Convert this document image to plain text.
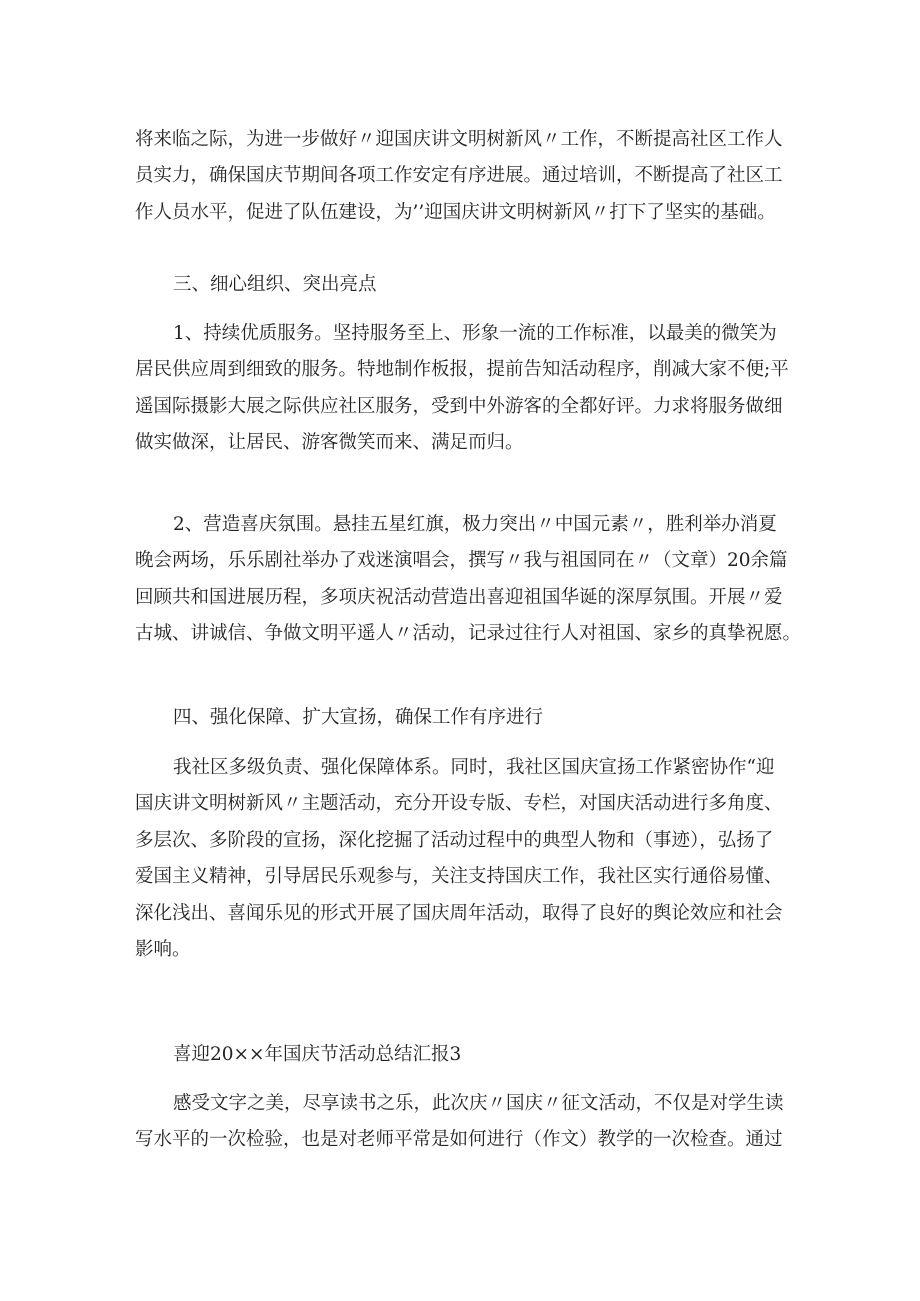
将来临之际，为进一步做好〃迎国庆讲文明树新风〃工作，不断提高社区工作人
员实力，确保国庆节期间各项工作安定有序进展。通过培训，不断提高了社区工
作人员水平，促进了队伍建设，为’’迎国庆讲文明树新风〃打下了坚实的基础。
三、细心组织、突出亮点
1、持续优质服务。坚持服务至上、形象一流的工作标准，以最美的微笑为
居民供应周到细致的服务。特地制作板报，提前告知活动程序，削减大家不便;平
遥国际摄影大展之际供应社区服务，受到中外游客的全都好评。力求将服务做细
做实做深，让居民、游客微笑而来、满足而归。
2、营造喜庆氛围。悬挂五星红旗，极力突出〃中国元素〃，胜利举办消夏
晚会两场，乐乐剧社举办了戏迷演唱会，撰写〃我与祖国同在〃（文章）20余篇
回顾共和国进展历程，多项庆祝活动营造出喜迎祖国华诞的深厚氛围。开展〃爱
古城、讲诚信、争做文明平遥人〃活动，记录过往行人对祖国、家乡的真挚祝愿。
四、强化保障、扩大宣扬，确保工作有序进行
我社区多级负责、强化保障体系。同时，我社区国庆宣扬工作紧密协作“迎
国庆讲文明树新风〃主题活动，充分开设专版、专栏，对国庆活动进行多角度、
多层次、多阶段的宣扬，深化挖掘了活动过程中的典型人物和（事迹），弘扬了
爱国主义精神，引导居民乐观参与，关注支持国庆工作，我社区实行通俗易懂、
深化浅出、喜闻乐见的形式开展了国庆周年活动，取得了良好的舆论效应和社会
影响。
喜迎20××年国庆节活动总结汇报3
感受文字之美，尽享读书之乐，此次庆〃国庆〃征文活动，不仅是对学生读
写水平的一次检验，也是对老师平常是如何进行（作文）教学的一次检查。通过
